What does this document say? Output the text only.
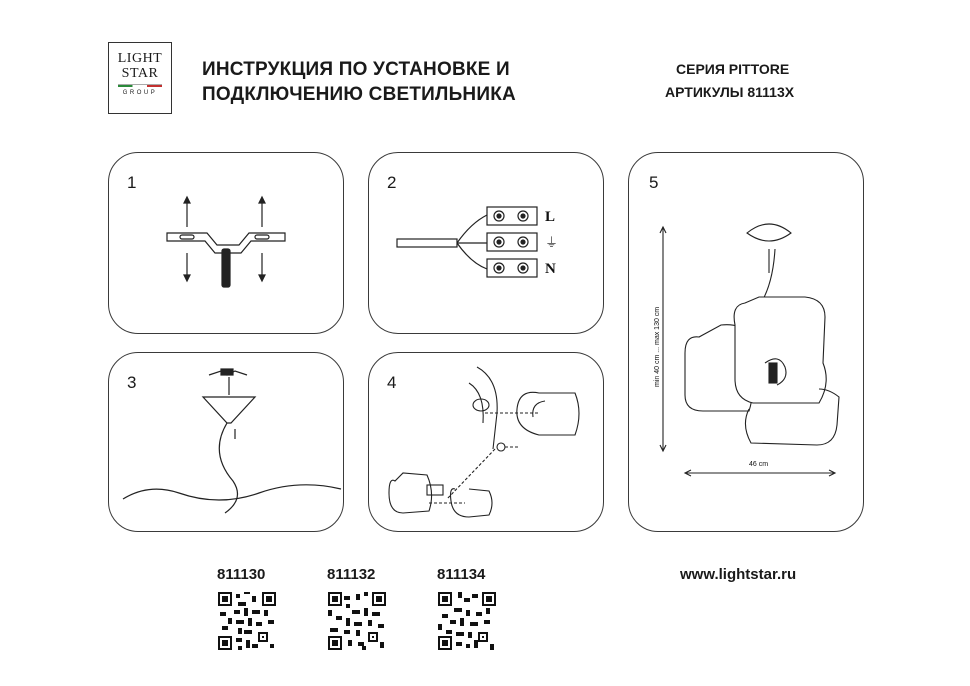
LIGHT
STAR
GROUP
ИНСТРУКЦИЯ ПО УСТАНОВКЕ И
ПОДКЛЮЧЕНИЮ СВЕТИЛЬНИКА
СЕРИЯ PITTORE
АРТИКУЛЫ 81113X
1	2
L
⏚
N
3	4
5
min 40 cm ... max 130 cm
46 cm
811130	811132	811134	www.lightstar.ru
